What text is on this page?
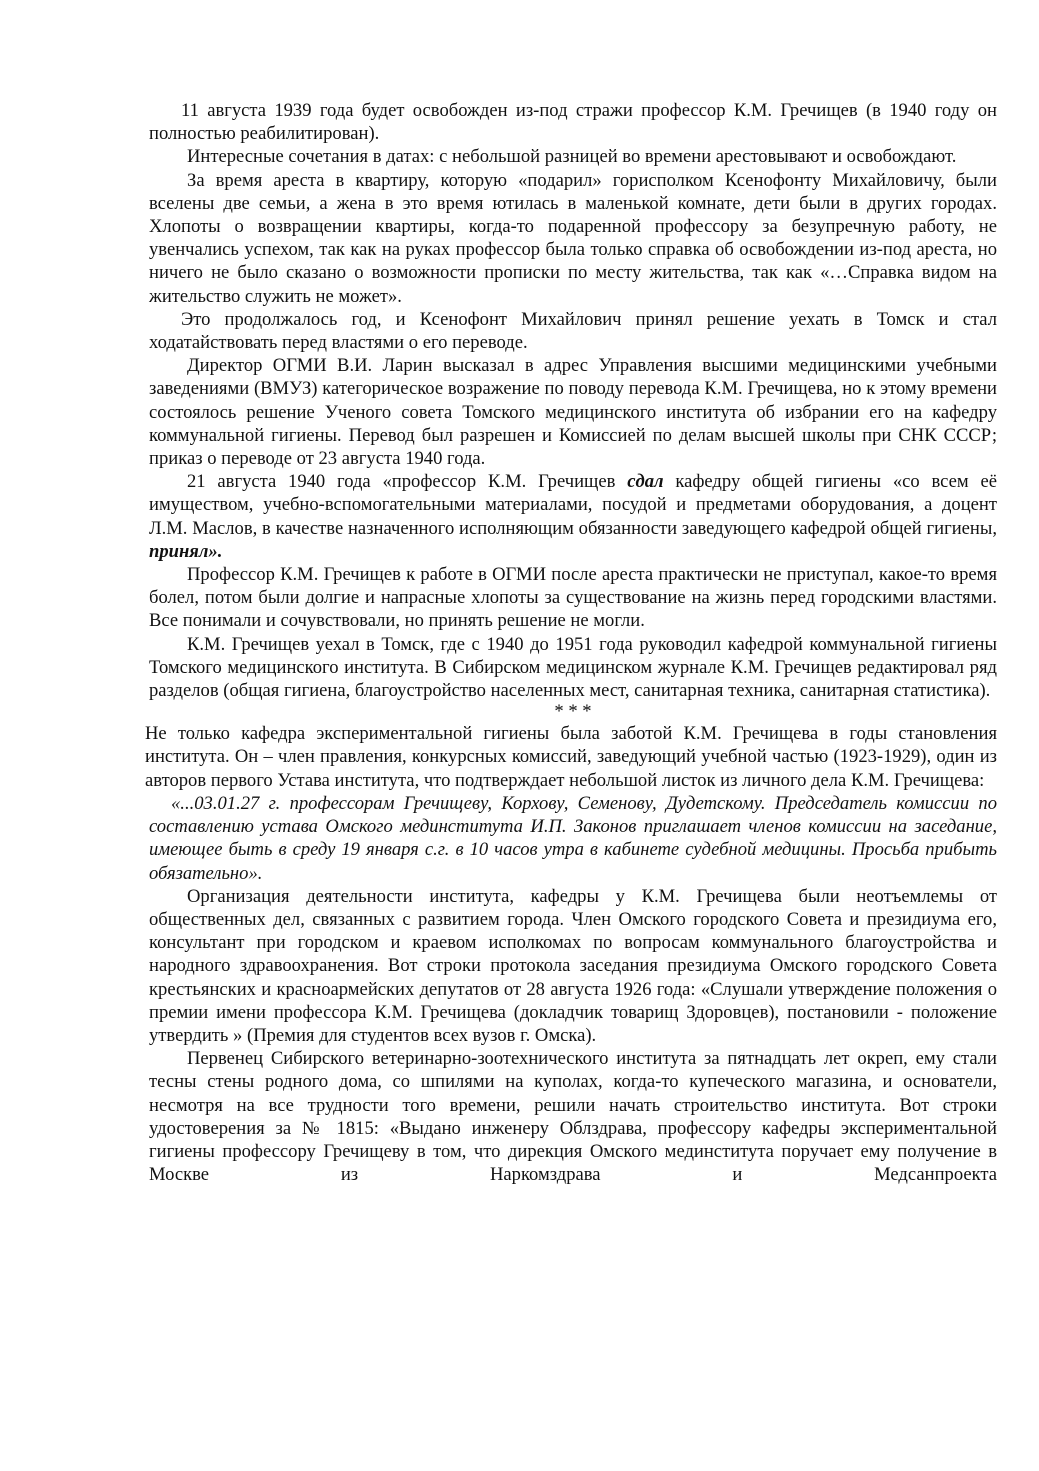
11 августа 1939 года будет освобожден из-под стражи профессор К.М. Гречищев (в 1940 году он полностью реабилитирован).

Интересные сочетания в датах: с небольшой разницей во времени арестовывают и освобождают.

За время ареста в квартиру, которую «подарил» горисполком Ксенофонту Михайловичу, были вселены две семьи, а жена в это время ютилась в маленькой комнате, дети были в других городах. Хлопоты о возвращении квартиры, когда-то подаренной профессору за безупречную работу, не увенчались успехом, так как на руках профессор была только справка об освобождении из-под ареста, но ничего не было сказано о возможности прописки по месту жительства, так как «…Справка видом на жительство служить не может».

Это продолжалось год, и Ксенофонт Михайлович принял решение уехать в Томск и стал ходатайствовать перед властями о его переводе.

Директор ОГМИ В.И. Ларин высказал в адрес Управления высшими медицинскими учебными заведениями (ВМУЗ) категорическое возражение по поводу перевода К.М. Гречищева, но к этому времени состоялось решение Ученого совета Томского медицинского института об избрании его на кафедру коммунальной гигиены. Перевод был разрешен и Комиссией по делам высшей школы при СНК СССР; приказ о переводе от 23 августа 1940 года.

21 августа 1940 года «профессор К.М. Гречищев сдал кафедру общей гигиены «со всем её имуществом, учебно-вспомогательными материалами, посудой и предметами оборудования, а доцент Л.М. Маслов, в качестве назначенного исполняющим обязанности заведующего кафедрой общей гигиены, принял».

Профессор К.М. Гречищев к работе в ОГМИ после ареста практически не приступал, какое-то время болел, потом были долгие и напрасные хлопоты за существование на жизнь перед городскими властями. Все понимали и сочувствовали, но принять решение не могли.

К.М. Гречищев уехал в Томск, где с 1940 до 1951 года руководил кафедрой коммунальной гигиены Томского медицинского института. В Сибирском медицинском журнале К.М. Гречищев редактировал ряд разделов (общая гигиена, благоустройство населенных мест, санитарная техника, санитарная статистика).

* * *

Не только кафедра экспериментальной гигиены была заботой К.М. Гречищева в годы становления института. Он – член правления, конкурсных комиссий, заведующий учебной частью (1923-1929), один из авторов первого Устава института, что подтверждает небольшой листок из личного дела К.М. Гречищева:

«...03.01.27 г. профессорам Гречищеву, Корхову, Семенову, Дудетскому. Председатель комиссии по составлению устава Омского мединститута И.П. Законов приглашает членов комиссии на заседание, имеющее быть в среду 19 января с.г. в 10 часов утра в кабинете судебной медицины. Просьба прибыть обязательно».

Организация деятельности института, кафедры у К.М. Гречищева были неотъемлемы от общественных дел, связанных с развитием города. Член Омского городского Совета и президиума его, консультант при городском и краевом исполкомах по вопросам коммунального благоустройства и народного здравоохранения. Вот строки протокола заседания президиума Омского городского Совета крестьянских и красноармейских депутатов от 28 августа 1926 года: «Слушали утверждение положения о премии имени профессора К.М. Гречищева (докладчик товарищ Здоровцев), постановили - положение утвердить » (Премия для студентов всех вузов г. Омска).

Первенец Сибирского ветеринарно-зоотехнического института за пятнадцать лет окреп, ему стали тесны стены родного дома, со шпилями на куполах, когда-то купеческого магазина, и основатели, несмотря на все трудности того времени, решили начать строительство института. Вот строки удостоверения за № 1815: «Выдано инженеру Облздрава, профессору кафедры экспериментальной гигиены профессору Гречищеву в том, что дирекция Омского мединститута поручает ему получение в Москве из Наркомздрава и Медсанпроекта
